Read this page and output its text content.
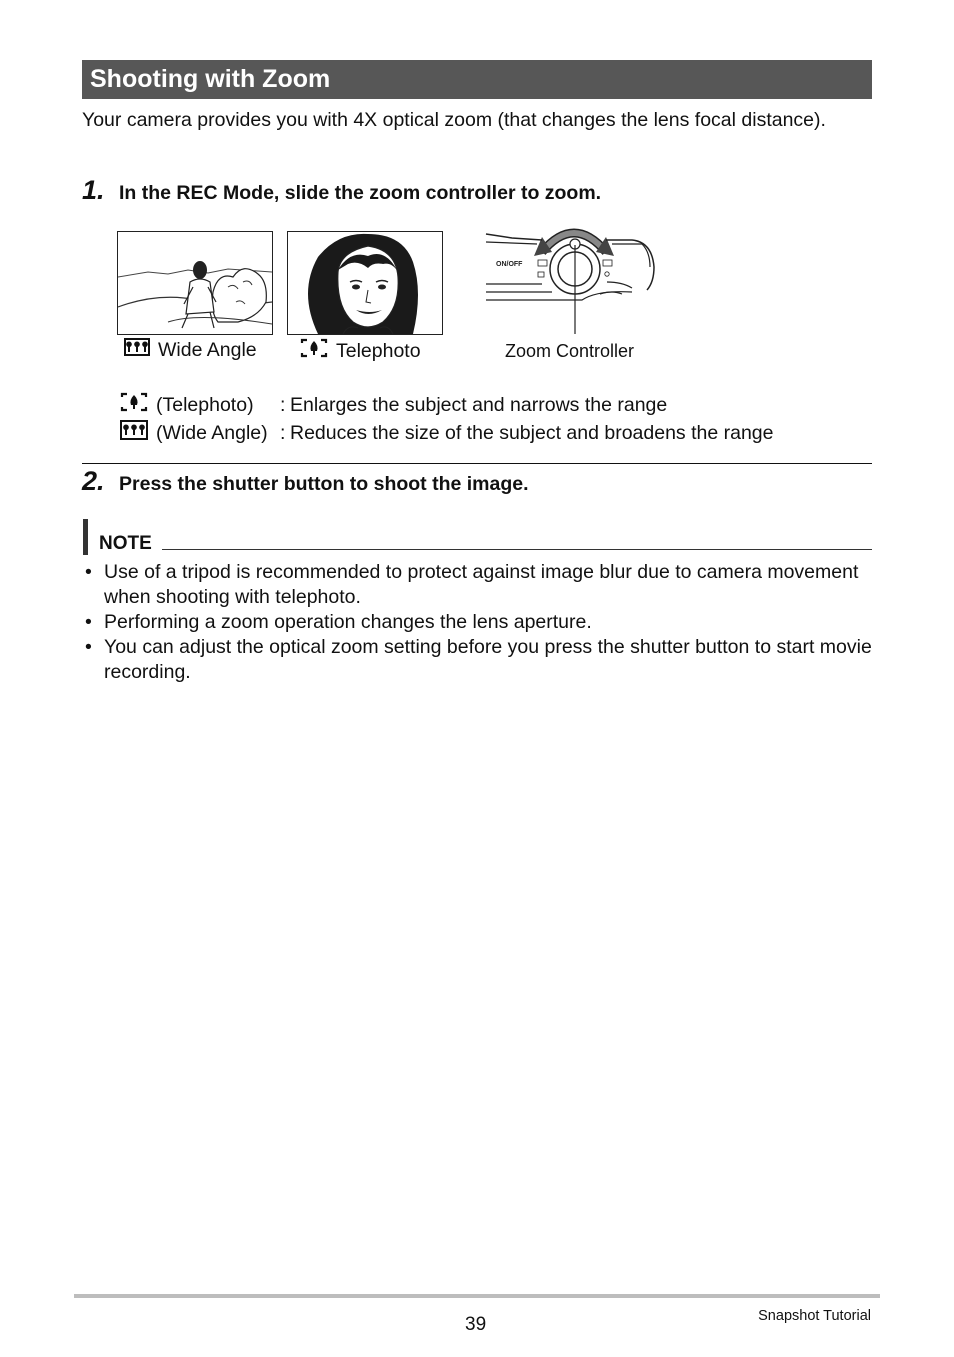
Shooting with Zoom
Your camera provides you with 4X optical zoom (that changes the lens focal distance).
1. In the REC Mode, slide the zoom controller to zoom.
ON/OFF
Wide Angle	Telephoto	Zoom Controller
(Telephoto)	: Enlarges the subject and narrows the range
(Wide Angle) : Reduces the size of the subject and broadens the range
2. Press the shutter button to shoot the image.
NOTE
• Use of a tripod is recommended to protect against image blur due to camera movement when shooting with telephoto.
• Performing a zoom operation changes the lens aperture.
• You can adjust the optical zoom setting before you press the shutter button to start movie recording.
39	Snapshot Tutorial
